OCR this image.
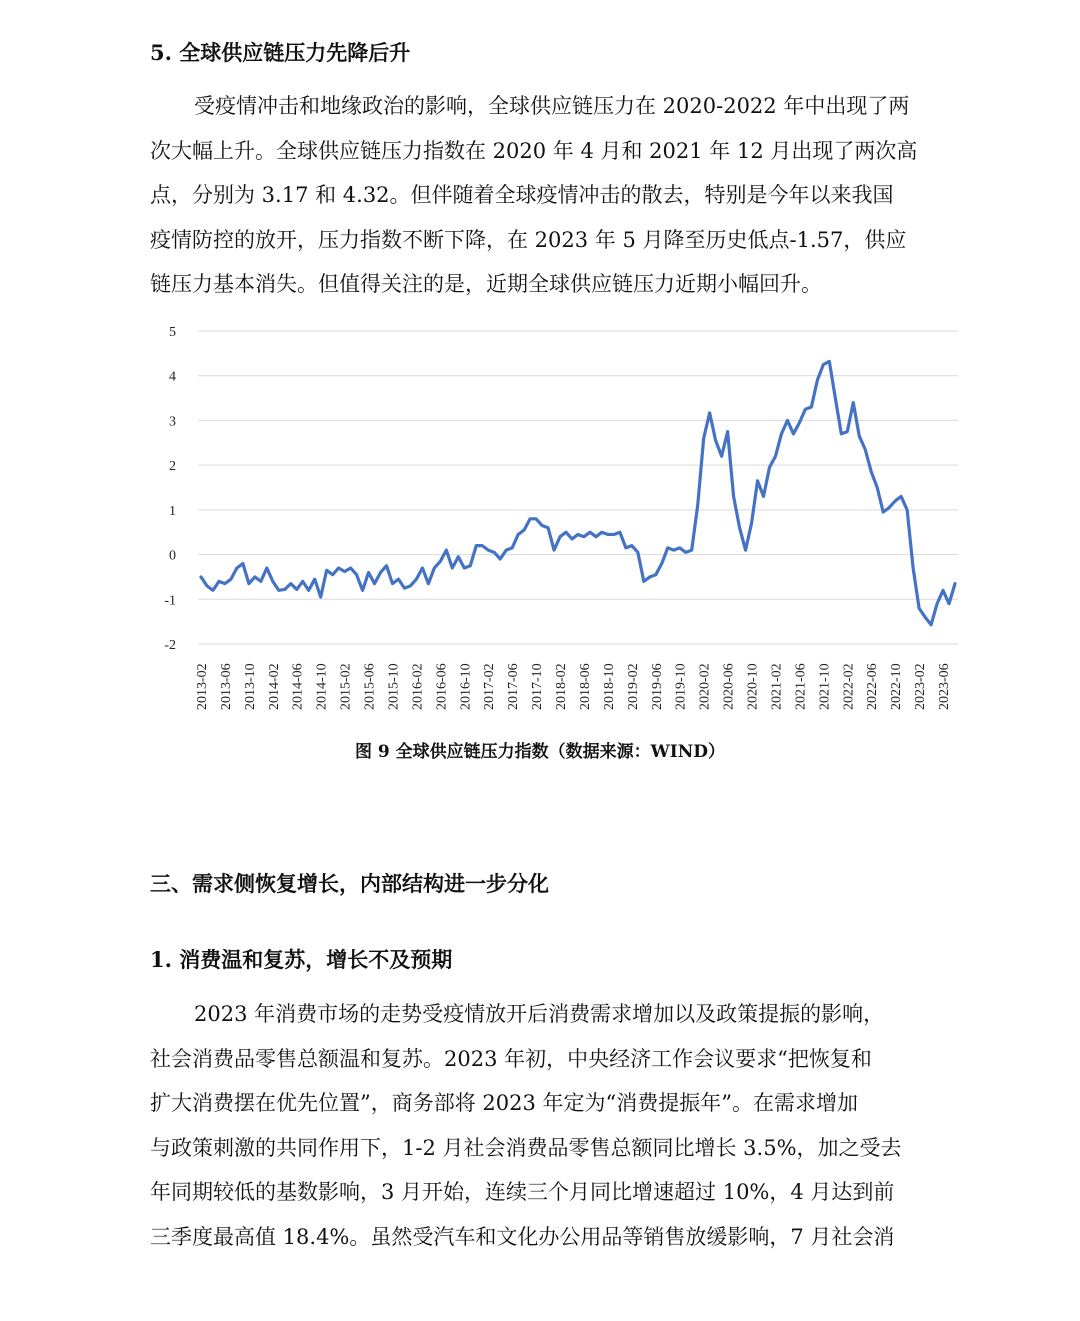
5. 全球供应链压力先降后升
受疫情冲击和地缘政治的影响，全球供应链压力在 2020-2022 年中出现了两
次大幅上升。全球供应链压力指数在 2020 年 4 月和 2021 年 12 月出现了两次高
点，分别为 3.17 和 4.32。但伴随着全球疫情冲击的散去，特别是今年以来我国
疫情防控的放开，压力指数不断下降，在 2023 年 5 月降至历史低点-1.57，供应
链压力基本消失。但值得关注的是，近期全球供应链压力近期小幅回升。
-2
-1
0
1
2
3
4
5
2013-02 2013-06 2013-10 2014-02 2014-06 2014-10 2015-02 2015-06 2015-10 2016-02 2016-06 2016-10 2017-02 2017-06 2017-10 2018-02 2018-06 2018-10 2019-02 2019-06 2019-10 2020-02 2020-06 2020-10 2021-02 2021-06 2021-10 2022-02 2022-06 2022-10 2023-02 2023-06
图 9 全球供应链压力指数（数据来源：WIND）
三、需求侧恢复增长，内部结构进一步分化
1. 消费温和复苏，增长不及预期
2023 年消费市场的走势受疫情放开后消费需求增加以及政策提振的影响，
社会消费品零售总额温和复苏。2023 年初，中央经济工作会议要求“把恢复和
扩大消费摆在优先位置”，商务部将 2023 年定为“消费提振年”。在需求增加
与政策刺激的共同作用下，1-2 月社会消费品零售总额同比增长 3.5%，加之受去
年同期较低的基数影响，3 月开始，连续三个月同比增速超过 10%，4 月达到前
三季度最高值 18.4%。虽然受汽车和文化办公用品等销售放缓影响，7 月社会消
